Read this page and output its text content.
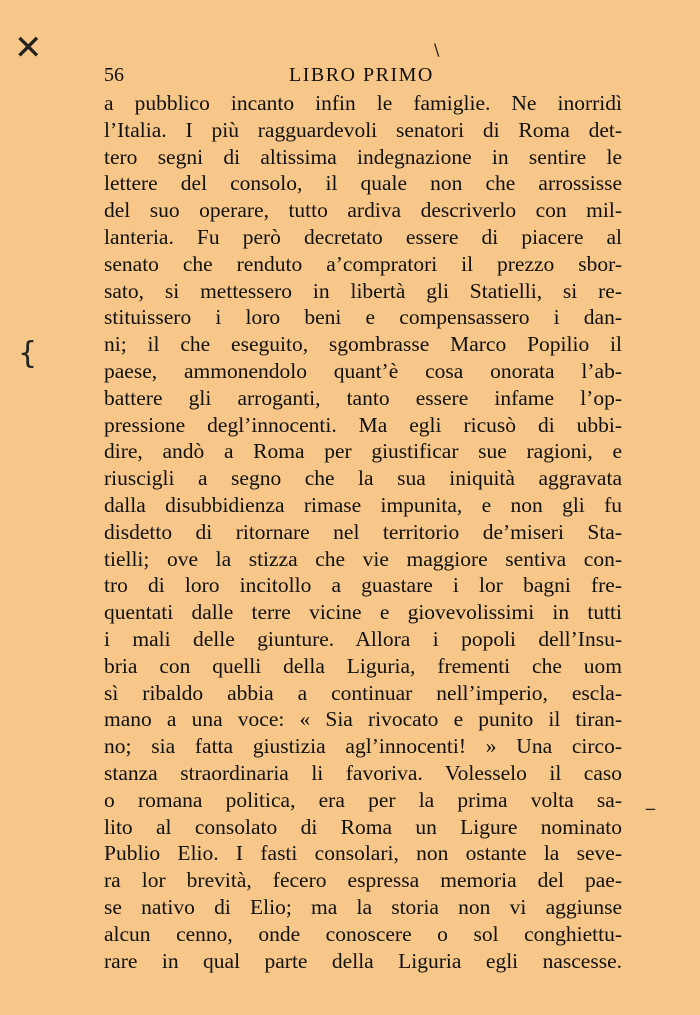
✕
{
\
_
56	LIBRO PRIMO
a pubblico incanto infin le famiglie. Ne inorridì
l’Italia. I più ragguardevoli senatori di Roma det-
tero segni di altissima indegnazione in sentire le
lettere del consolo, il quale non che arrossisse
del suo operare, tutto ardiva descriverlo con mil-
lanteria. Fu però decretato essere di piacere al
senato che renduto a’compratori il prezzo sbor-
sato, si mettessero in libertà gli Statielli, si re-
stituissero i loro beni e compensassero i dan-
ni; il che eseguito, sgombrasse Marco Popilio il
paese, ammonendolo quant’è cosa onorata l’ab-
battere gli arroganti, tanto essere infame l’op-
pressione degl’innocenti. Ma egli ricusò di ubbi-
dire, andò a Roma per giustificar sue ragioni, e
riuscigli a segno che la sua iniquità aggravata
dalla disubbidienza rimase impunita, e non gli fu
disdetto di ritornare nel territorio de’miseri Sta-
tielli; ove la stizza che vie maggiore sentiva con-
tro di loro incitollo a guastare i lor bagni fre-
quentati dalle terre vicine e giovevolissimi in tutti
i mali delle giunture. Allora i popoli dell’Insu-
bria con quelli della Liguria, frementi che uom
sì ribaldo abbia a continuar nell’imperio, escla-
mano a una voce: « Sia rivocato e punito il tiran-
no; sia fatta giustizia agl’innocenti! » Una circo-
stanza straordinaria li favoriva. Volesselo il caso
o romana politica, era per la prima volta sa-
lito al consolato di Roma un Ligure nominato
Publio Elio. I fasti consolari, non ostante la seve-
ra lor brevità, fecero espressa memoria del pae-
se nativo di Elio; ma la storia non vi aggiunse
alcun cenno, onde conoscere o sol conghiettu-
rare in qual parte della Liguria egli nascesse.
